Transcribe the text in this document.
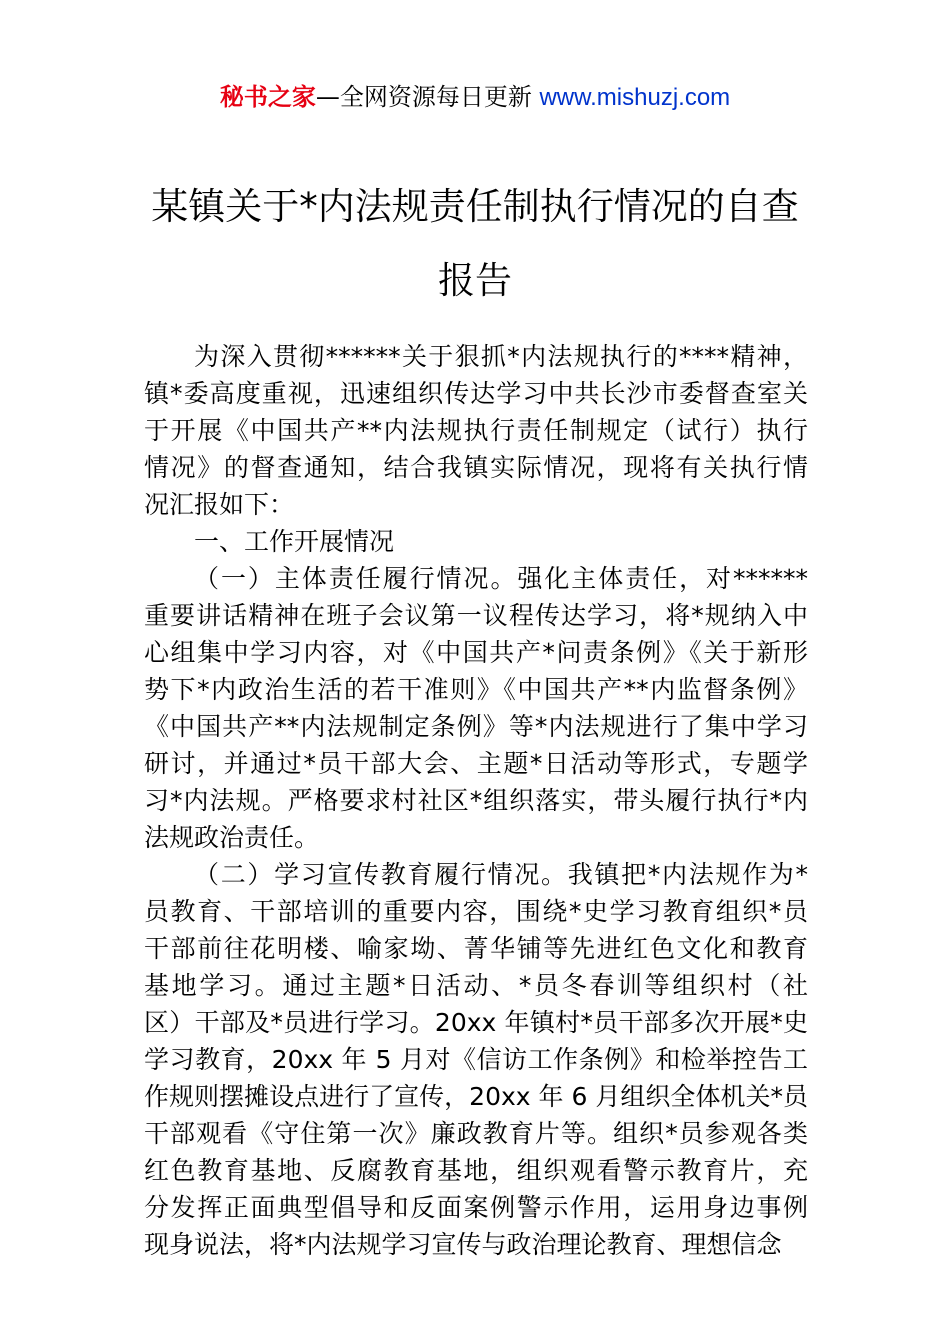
秘书之家—全网资源每日更新 www.mishuzj.com
某镇关于*内法规责任制执行情况的自查
报告
为深入贯彻******关于狠抓*内法规执行的****精神，
镇*委高度重视，迅速组织传达学习中共长沙市委督查室关
于开展《中国共产**内法规执行责任制规定（试行）执行
情况》的督查通知，结合我镇实际情况，现将有关执行情
况汇报如下：
一、工作开展情况
（一）主体责任履行情况。强化主体责任，对******
重要讲话精神在班子会议第一议程传达学习，将*规纳入中
心组集中学习内容，对《中国共产*问责条例》《关于新形
势下*内政治生活的若干准则》《中国共产**内监督条例》
《中国共产**内法规制定条例》等*内法规进行了集中学习
研讨，并通过*员干部大会、主题*日活动等形式，专题学
习*内法规。严格要求村社区*组织落实，带头履行执行*内
法规政治责任。
（二）学习宣传教育履行情况。我镇把*内法规作为*
员教育、干部培训的重要内容，围绕*史学习教育组织*员
干部前往花明楼、喻家坳、菁华铺等先进红色文化和教育
基地学习。通过主题*日活动、*员冬春训等组织村（社
区）干部及*员进行学习。20xx 年镇村*员干部多次开展*史
学习教育，20xx 年 5 月对《信访工作条例》和检举控告工
作规则摆摊设点进行了宣传，20xx 年 6 月组织全体机关*员
干部观看《守住第一次》廉政教育片等。组织*员参观各类
红色教育基地、反腐教育基地，组织观看警示教育片，充
分发挥正面典型倡导和反面案例警示作用，运用身边事例
现身说法，将*内法规学习宣传与政治理论教育、理想信念
